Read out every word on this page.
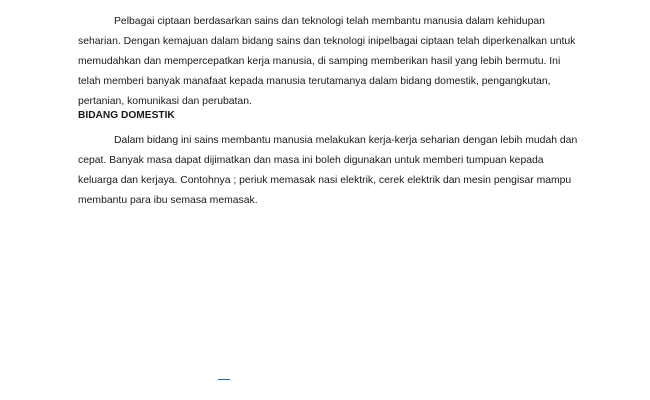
Pelbagai ciptaan berdasarkan sains dan teknologi telah membantu manusia dalam kehidupan seharian. Dengan kemajuan dalam bidang sains dan teknologi inipelbagai ciptaan telah diperkenalkan untuk memudahkan dan mempercepatkan kerja manusia, di samping memberikan hasil yang lebih bermutu. Ini telah memberi banyak manafaat kepada manusia terutamanya dalam bidang domestik, pengangkutan, pertanian, komunikasi dan perubatan.

BIDANG DOMESTIK

Dalam bidang ini sains membantu manusia melakukan kerja-kerja seharian dengan lebih mudah dan cepat. Banyak masa dapat dijimatkan dan masa ini boleh digunakan untuk memberi tumpuan kepada keluarga dan kerjaya. Contohnya ; periuk memasak nasi elektrik, cerek elektrik dan mesin pengisar mampu membantu para ibu semasa memasak.
